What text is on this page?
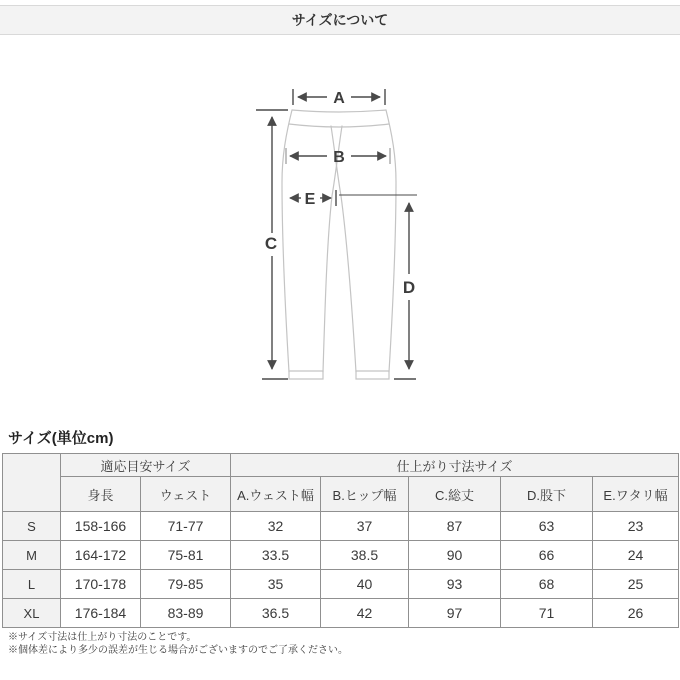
サイズについて
A
B
E
C
D
サイズ(単位cm)
	適応目安サイズ		仕上がり寸法サイズ				
	身長	ウェスト	A.ウェスト幅	B.ヒップ幅	C.総丈	D.股下	E.ワタリ幅
S	158-166	71-77	32	37	87	63	23
M	164-172	75-81	33.5	38.5	90	66	24
L	170-178	79-85	35	40	93	68	25
XL	176-184	83-89	36.5	42	97	71	26
※サイズ寸法は仕上がり寸法のことです。
※個体差により多少の誤差が生じる場合がございますのでご了承ください。
